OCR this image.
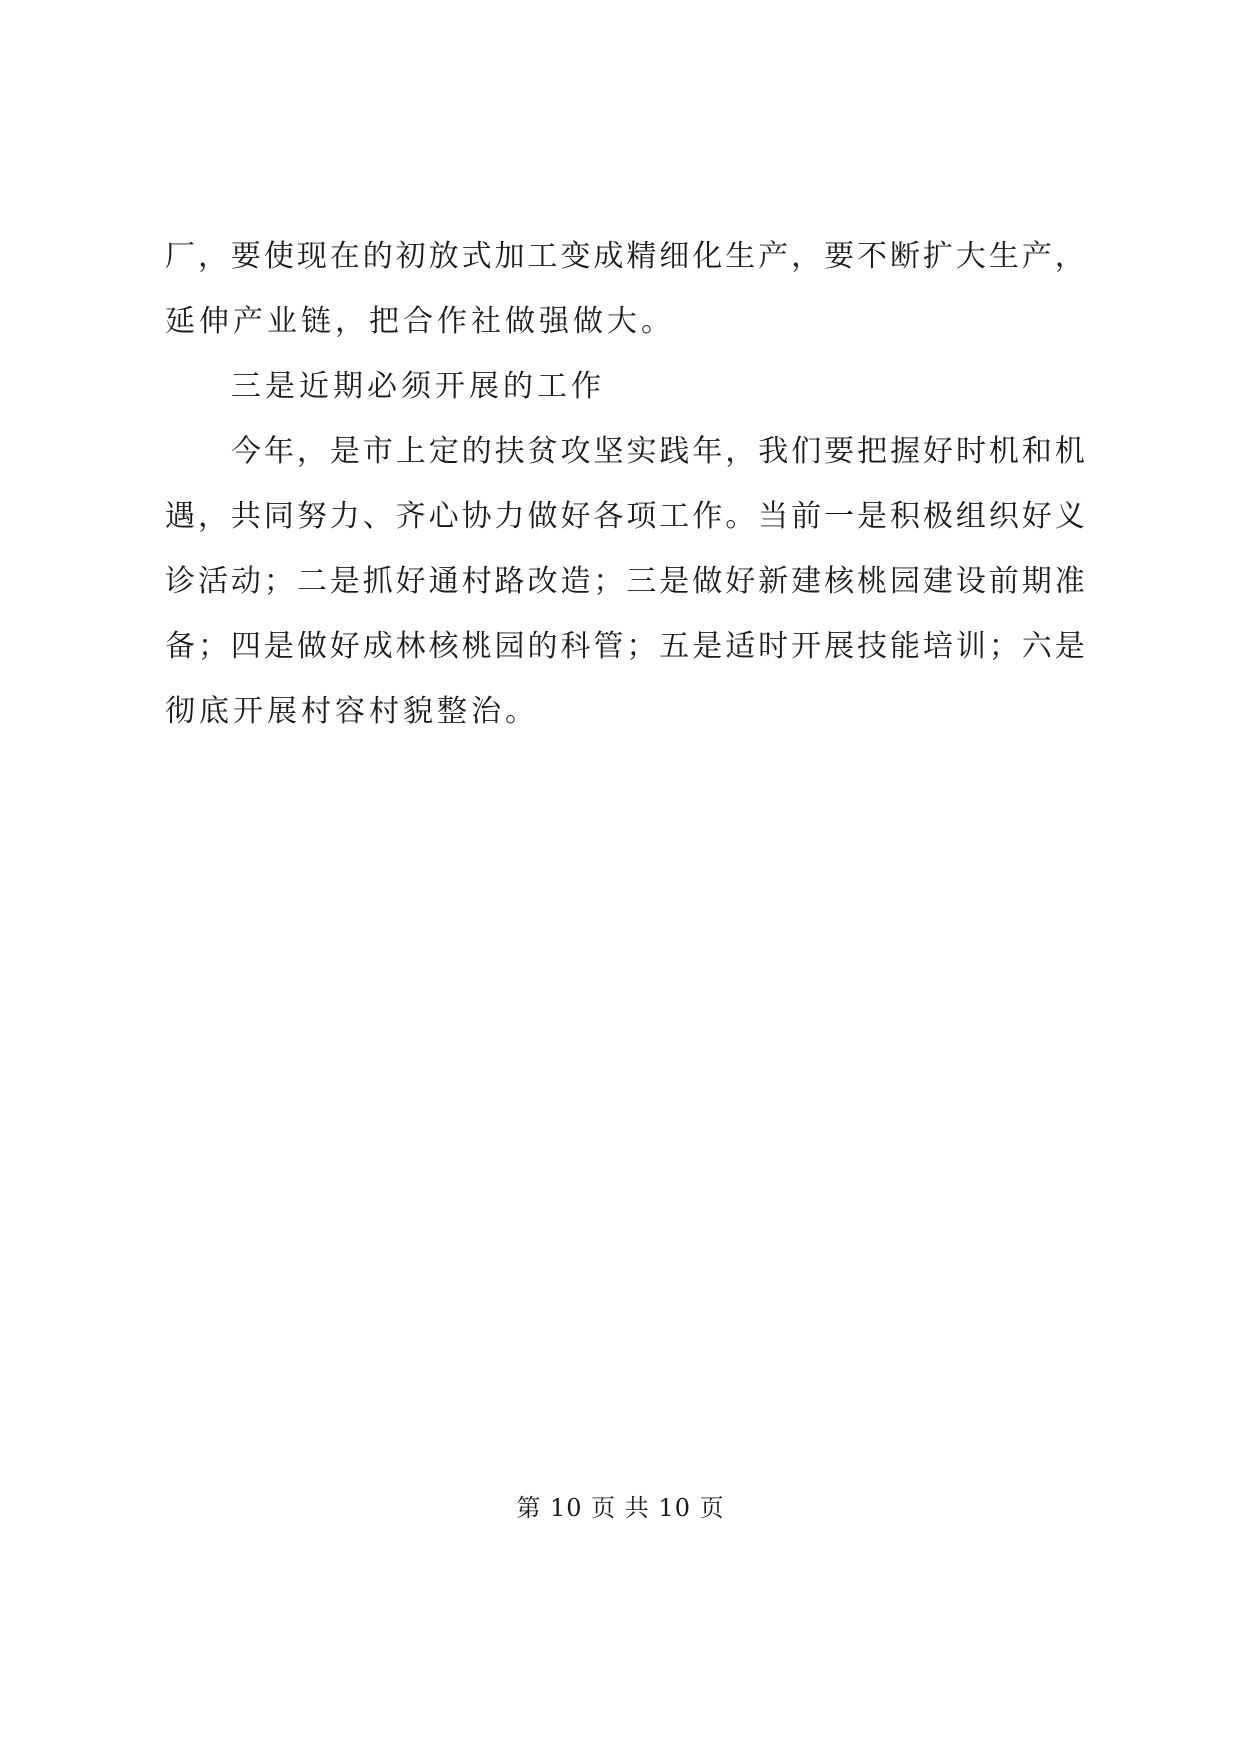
厂 ， 要 使 现 在 的 初 放 式 加 工 变 成 精 细 化 生 产 ， 要 不 断 扩 大 生 产 ，
延伸产业链，把合作社做强做大。
三是近期必须开展的工作
今 年 ， 是 市 上 定 的 扶 贫 攻 坚 实 践 年 ， 我 们 要 把 握 好 时 机 和 机
遇 ， 共 同 努 力 、 齐 心 协 力 做 好 各 项 工 作 。 当 前 一 是 积 极 组 织 好 义
诊 活 动 ； 二 是 抓 好 通 村 路 改 造 ； 三 是 做 好 新 建 核 桃 园 建 设 前 期 准
备 ； 四 是 做 好 成 林 核 桃 园 的 科 管 ； 五 是 适 时 开 展 技 能 培 训 ； 六 是
彻底开展村容村貌整治。
第 10 页 共 10 页
